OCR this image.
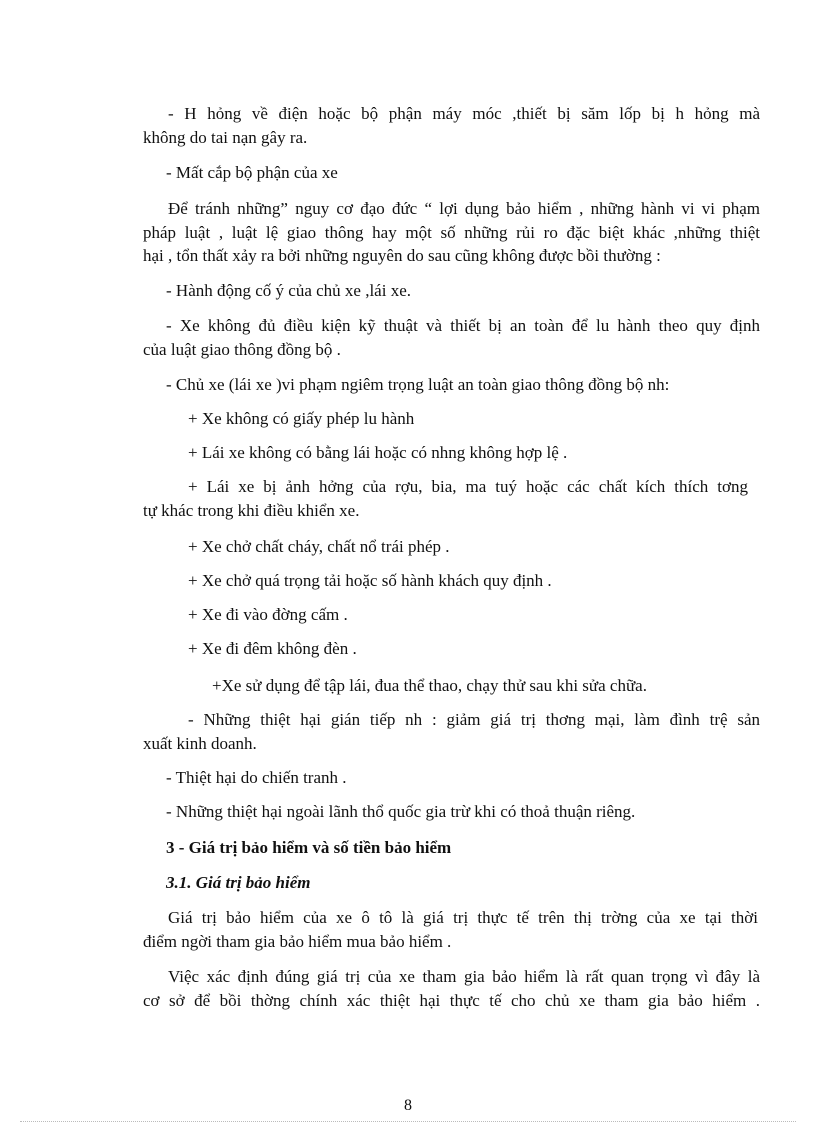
- H hỏng về điện hoặc bộ phận máy móc ,thiết bị săm lốp bị h hỏng mà
không do tai nạn gây ra.
- Mất cắp bộ phận của xe
Để tránh những” nguy cơ đạo đức “ lợi dụng bảo hiểm , những hành vi vi phạm
pháp luật , luật lệ giao thông hay một số những rủi ro đặc biệt khác ,những thiệt
hại , tổn thất xảy ra bởi những nguyên do sau cũng không được bồi thường :
- Hành động cố ý của chủ xe ,lái xe.
- Xe không đủ điều kiện kỹ thuật và thiết bị an toàn để lu hành theo quy định
của luật giao thông đồng bộ .
- Chủ xe (lái xe )vi phạm ngiêm trọng luật an toàn giao thông đồng bộ nh:
+ Xe không có giấy phép lu hành
+ Lái xe không có bằng lái hoặc có nhng không hợp lệ .
+ Lái xe bị ảnh hởng của rợu, bia, ma tuý hoặc các chất kích thích tơng
tự khác trong khi điều khiển xe.
+ Xe chở chất cháy, chất nổ trái phép .
+ Xe chở quá trọng tải hoặc số hành khách quy định .
+ Xe đi vào đờng cấm .
+ Xe đi đêm không đèn .
+Xe sử dụng để tập lái, đua thể thao, chạy thử sau khi sửa chữa.
- Những thiệt hại gián tiếp nh : giảm giá trị thơng mại, làm đình trệ sản
xuất kinh doanh.
- Thiệt hại do chiến tranh .
- Những thiệt hại ngoài lãnh thổ quốc gia trừ khi có thoả thuận riêng.
3 - Giá trị bảo hiểm và số tiền bảo hiểm
3.1. Giá trị bảo hiểm
Giá trị bảo hiểm của xe ô tô là giá trị thực tế trên thị trờng của xe tại thời
điểm ngời tham gia bảo hiểm mua bảo hiểm .
Việc xác định đúng giá trị của xe tham gia bảo hiểm là rất quan trọng vì đây là
cơ sở để bồi thờng chính xác thiệt hại thực tế cho chủ xe tham gia bảo hiểm .
8
